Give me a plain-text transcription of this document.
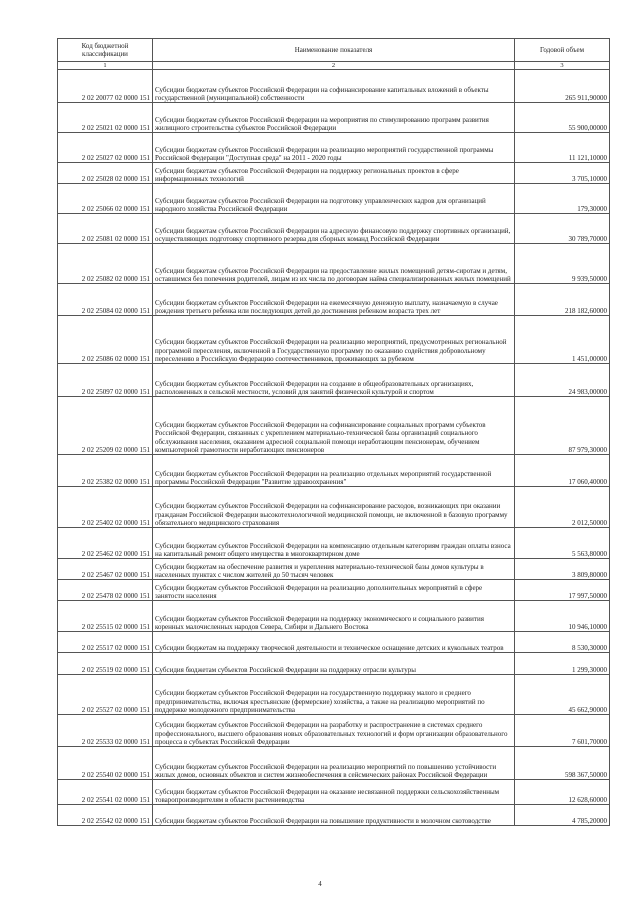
Код бюджетной классификации	Наименование показателя	Годовой объем
1	2	3
2 02 20077 02 0000 151	Субсидии бюджетам субъектов Российской Федерации на софинансирование капитальных вложений в объекты государственной (муниципальной) собственности	265 911,90000
2 02 25021 02 0000 151	Субсидии бюджетам субъектов Российской Федерации на мероприятия по стимулированию программ развития жилищного строительства субъектов Российской Федерации	55 900,00000
2 02 25027 02 0000 151	Субсидии бюджетам субъектов Российской Федерации на реализацию мероприятий государственной программы Российской Федерации "Доступная среда" на 2011 - 2020 годы	11 121,10000
2 02 25028 02 0000 151	Субсидии бюджетам субъектов Российской Федерации на поддержку региональных проектов в сфере информационных технологий	3 705,10000
2 02 25066 02 0000 151	Субсидии бюджетам субъектов Российской Федерации на подготовку управленческих кадров для организаций народного хозяйства Российской Федерации	179,30000
2 02 25081 02 0000 151	Субсидии бюджетам субъектов Российской Федерации на адресную финансовую поддержку спортивных организаций, осуществляющих подготовку спортивного резерва для сборных команд Российской Федерации	30 789,70000
2 02 25082 02 0000 151	Субсидии бюджетам субъектов Российской Федерации на предоставление жилых помещений детям-сиротам и детям, оставшимся без попечения родителей, лицам из их числа по договорам найма специализированных жилых помещений	9 939,50000
2 02 25084 02 0000 151	Субсидии бюджетам субъектов Российской Федерации на ежемесячную денежную выплату, назначаемую в случае рождения третьего ребенка или последующих детей до достижения ребенком возраста трех лет	218 182,60000
2 02 25086 02 0000 151	Субсидии бюджетам субъектов Российской Федерации на реализацию мероприятий, предусмотренных региональной программой переселения, включенной в Государственную программу по оказанию содействия добровольному переселению в Российскую Федерацию соотечественников, проживающих за рубежом	1 451,00000
2 02 25097 02 0000 151	Субсидии бюджетам субъектов Российской Федерации на создание в общеобразовательных организациях, расположенных в сельской местности, условий для занятий физической культурой и спортом	24 983,00000
2 02 25209 02 0000 151	Субсидии бюджетам субъектов Российской Федерации на софинансирование социальных программ субъектов Российской Федерации, связанных с укреплением материально-технической базы организаций социального обслуживания населения, оказанием адресной социальной помощи неработающим пенсионерам, обучением компьютерной грамотности неработающих пенсионеров	87 979,30000
2 02 25382 02 0000 151	Субсидии бюджетам субъектов Российской Федерации на реализацию отдельных мероприятий государственной программы Российской Федерации "Развитие здравоохранения"	17 060,40000
2 02 25402 02 0000 151	Субсидии бюджетам субъектов Российской Федерации на софинансирование расходов, возникающих при оказании гражданам Российской Федерации высокотехнологичной медицинской помощи, не включенной в базовую программу обязательного медицинского страхования	2 012,50000
2 02 25462 02 0000 151	Субсидии бюджетам субъектов Российской Федерации на компенсацию отдельным категориям граждан оплаты взноса на капитальный ремонт общего имущества в многоквартирном доме	5 563,80000
2 02 25467 02 0000 151	Субсидии бюджетам на обеспечение развития и укрепления материально-технической базы домов культуры в населенных пунктах с числом жителей до 50 тысяч человек	3 809,80000
2 02 25478 02 0000 151	Субсидии бюджетам субъектов Российской Федерации на реализацию дополнительных мероприятий в сфере занятости населения	17 997,50000
2 02 25515 02 0000 151	Субсидии бюджетам субъектов Российской Федерации на поддержку экономического и социального развития коренных малочисленных народов Севера, Сибири и Дальнего Востока	10 946,10000
2 02 25517 02 0000 151	Субсидии бюджетам на поддержку творческой деятельности и техническое оснащение детских и кукольных театров	8 530,30000
2 02 25519 02 0000 151	Субсидия бюджетам субъектов Российской Федерации на поддержку отрасли культуры	1 299,30000
2 02 25527 02 0000 151	Субсидии бюджетам субъектов Российской Федерации на государственную поддержку малого и среднего предпринимательства, включая крестьянские (фермерские) хозяйства, а также на реализацию мероприятий по поддержке молодежного предпринимательства	45 662,90000
2 02 25533 02 0000 151	Субсидии бюджетам субъектов Российской Федерации на разработку и распространение в системах среднего профессионального, высшего образования новых образовательных технологий и форм организации образовательного процесса в субъектах Российской Федерации	7 601,70000
2 02 25540 02 0000 151	Субсидии бюджетам субъектов Российской Федерации на реализацию мероприятий по повышению устойчивости жилых домов, основных объектов и систем жизнеобеспечения в сейсмических районах Российской Федерации	598 367,50000
2 02 25541 02 0000 151	Субсидии бюджетам субъектов Российской Федерации на оказание несвязанной поддержки сельскохозяйственным товаропроизводителям в области растениеводства	12 628,60000
2 02 25542 02 0000 151	Субсидии бюджетам субъектов Российской Федерации на повышение продуктивности в молочном скотоводстве	4 785,20000
4
